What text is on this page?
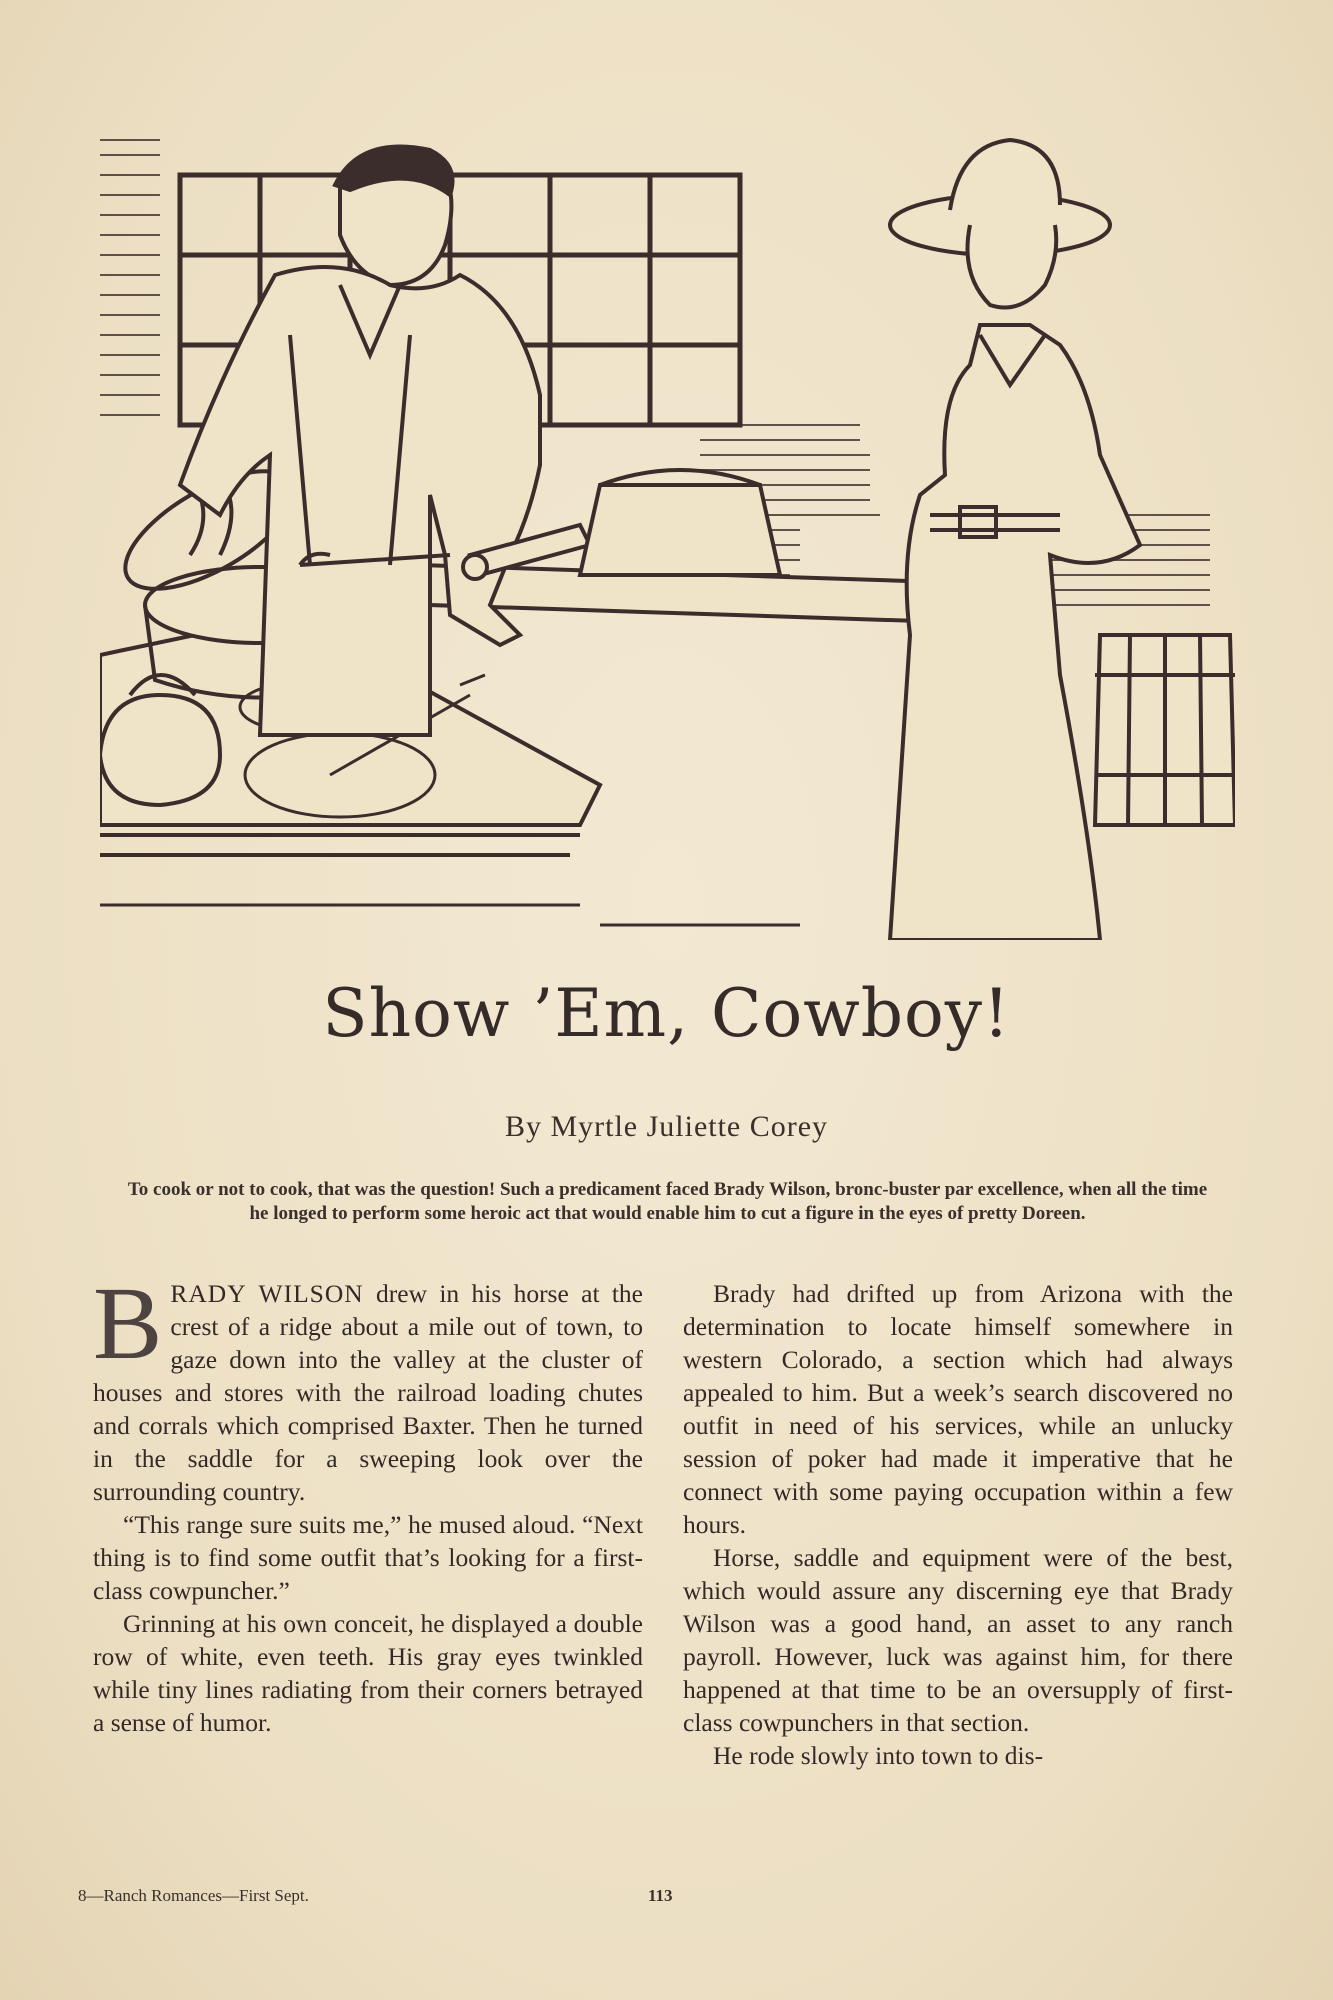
Show ’Em, Cowboy!
By Myrtle Juliette Corey
To cook or not to cook, that was the question! Such a predicament faced Brady Wilson, bronc-buster par excellence, when all the time he longed to perform some heroic act that would enable him to cut a figure in the eyes of pretty Doreen.

BRADY WILSON drew in his horse at the crest of a ridge about a mile out of town, to gaze down into the valley at the cluster of houses and stores with the railroad loading chutes and corrals which comprised Baxter. Then he turned in the saddle for a sweeping look over the surrounding country.

“This range sure suits me,” he mused aloud. “Next thing is to find some outfit that’s looking for a first-class cowpuncher.”

Grinning at his own conceit, he displayed a double row of white, even teeth. His gray eyes twinkled while tiny lines radiating from their corners betrayed a sense of humor.

Brady had drifted up from Arizona with the determination to locate himself somewhere in western Colorado, a section which had always appealed to him. But a week’s search discovered no outfit in need of his services, while an unlucky session of poker had made it imperative that he connect with some paying occupation within a few hours.

Horse, saddle and equipment were of the best, which would assure any discerning eye that Brady Wilson was a good hand, an asset to any ranch payroll. However, luck was against him, for there happened at that time to be an oversupply of first-class cowpunchers in that section.

He rode slowly into town to dis-

8—Ranch Romances—First Sept.	113
